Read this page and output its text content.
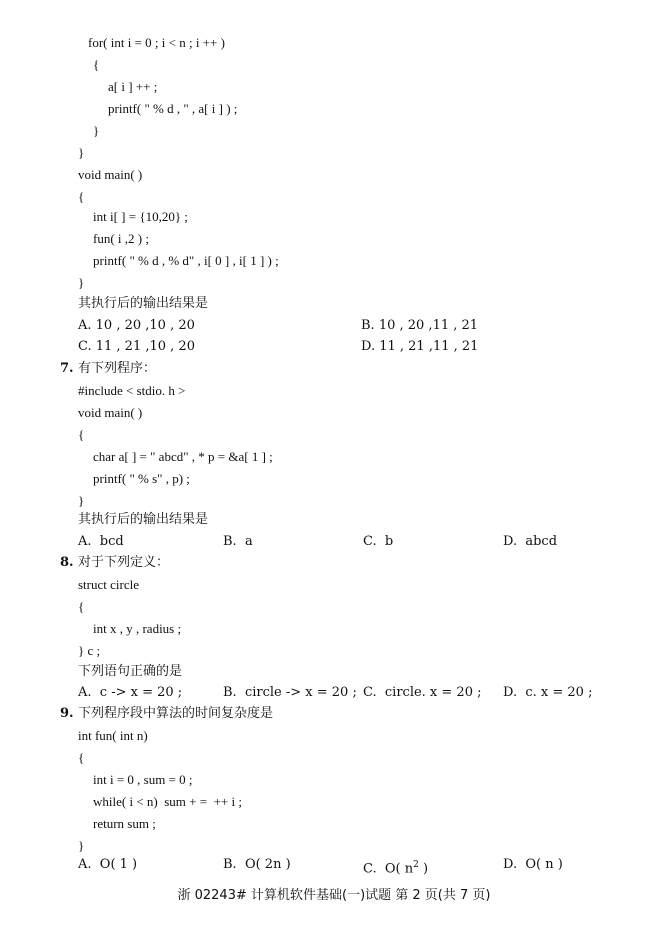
for( int i = 0 ; i < n ; i ++ )
{
a[ i ] ++ ;
printf( " % d , " , a[ i ] ) ;
}
}
void main( )
{
int i[ ] = {10,20} ;
fun( i ,2 ) ;
printf( " % d , % d" , i[ 0 ] , i[ 1 ] ) ;
}
其执行后的输出结果是
A. 10 , 20 ,10 , 20	B. 10 , 20 ,11 , 21
C. 11 , 21 ,10 , 20	D. 11 , 21 ,11 , 21
7. 有下列程序：
#include < stdio. h >
void main( )
{
char a[ ] = " abcd" , * p = &a[ 1 ] ;
printf( " % s" , p) ;
}
其执行后的输出结果是
A.  bcd	B.  a	C.  b	D.  abcd
8. 对于下列定义：
struct circle
{
int x , y , radius ;
} c ;
下列语句正确的是
A.  c -> x = 20 ;	B.  circle -> x = 20 ; C.  circle. x = 20 ; D.  c. x = 20 ;
9. 下列程序段中算法的时间复杂度是
int fun( int n)
{
int i = 0 , sum = 0 ;
while( i < n)  sum + =  ++ i ;
return sum ;
}
A.  O( 1 )	B.  O( 2n )	C.  O( $n^2$ )	D.  O( n )
浙 02243# 计算机软件基础(一)试题 第 2 页(共 7 页)
